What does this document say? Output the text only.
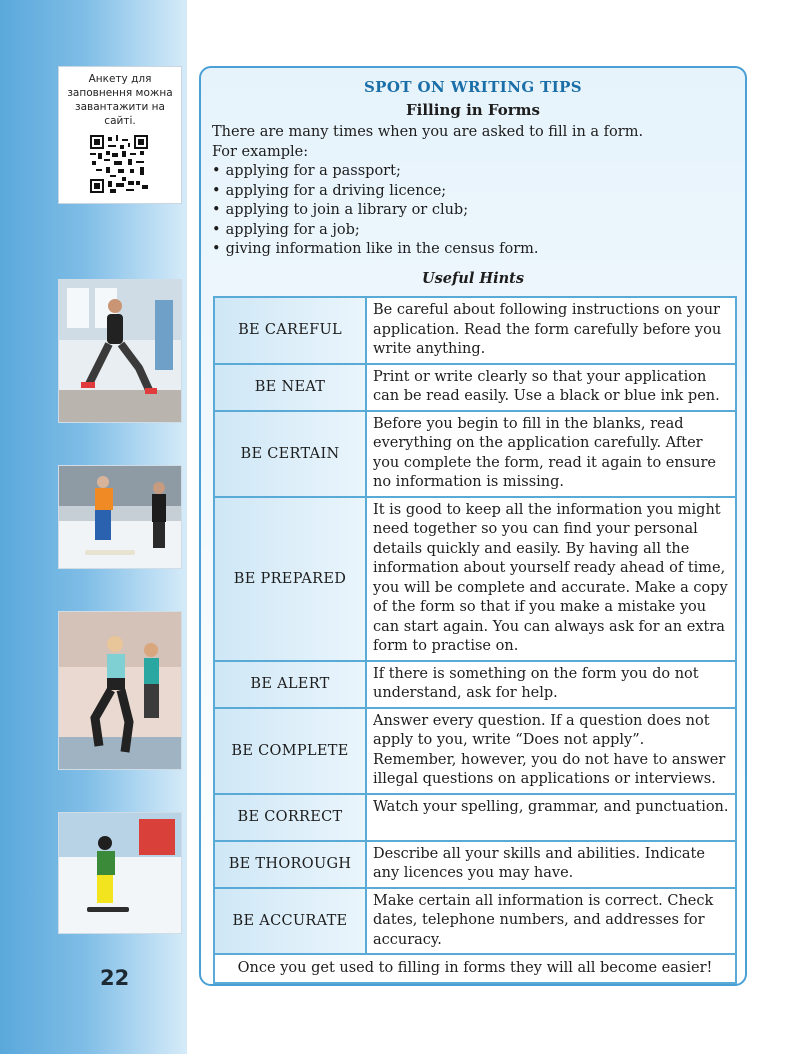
Анкету для заповнення можна завантажити на сайті.
22
SPOT ON WRITING TIPS
Filling in Forms

There are many times when you are asked to fill in a form.

For example:

• applying for a passport;
• applying for a driving licence;
• applying to join a library or club;
• applying for a job;
• giving information like in the census form.
Useful Hints
BE CAREFUL	Be careful about following instructions on your application. Read the form carefully before you write anything.
BE NEAT	Print or write clearly so that your application can be read easily. Use a black or blue ink pen.
BE CERTAIN	Before you begin to fill in the blanks, read everything on the application carefully. After you complete the form, read it again to ensure no information is missing.
BE PREPARED	It is good to keep all the information you might need together so you can find your personal details quickly and easily. By having all the information about yourself ready ahead of time, you will be complete and accurate. Make a copy of the form so that if you make a mistake you can start again. You can always ask for an extra form to practise on.
BE ALERT	If there is something on the form you do not understand, ask for help.
BE COMPLETE	Answer every question. If a question does not apply to you, write “Does not apply”. Remember, however, you do not have to answer illegal questions on applications or interviews.
BE CORRECT	Watch your spelling, grammar, and punctuation.
BE THOROUGH	Describe all your skills and abilities. Indicate any licences you may have.
BE ACCURATE	Make certain all information is correct. Check dates, telephone numbers, and addresses for accuracy.
Once you get used to filling in forms they will all become easier!	
